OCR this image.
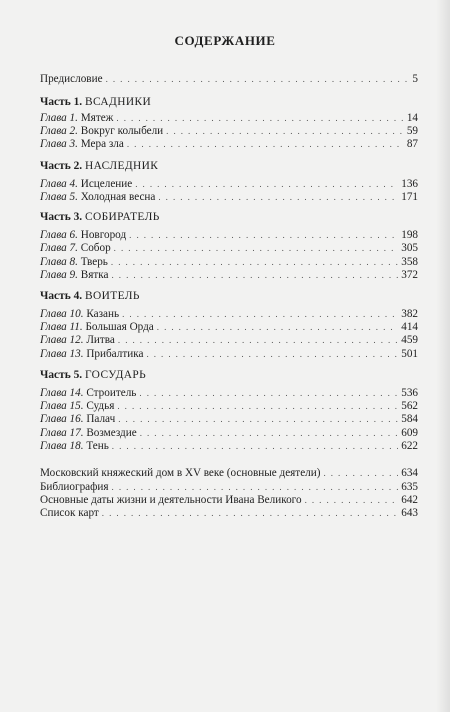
СОДЕРЖАНИЕ
Предисловие . . .	5
Часть 1. ВСАДНИКИ
Глава 1. Мятеж . . .	14
Глава 2. Вокруг колыбели . . .	59
Глава 3. Мера зла . . .	87
Часть 2. НАСЛЕДНИК
Глава 4. Исцеление . . .	136
Глава 5. Холодная весна . . .	171
Часть 3. СОБИРАТЕЛЬ
Глава 6. Новгород . . .	198
Глава 7. Собор . . .	305
Глава 8. Тверь . . .	358
Глава 9. Вятка . . .	372
Часть 4. ВОИТЕЛЬ
Глава 10. Казань . . .	382
Глава 11. Большая Орда . . .	414
Глава 12. Литва . . .	459
Глава 13. Прибалтика . . .	501
Часть 5. ГОСУДАРЬ
Глава 14. Строитель . . .	536
Глава 15. Судья . . .	562
Глава 16. Палач . . .	584
Глава 17. Возмездие . . .	609
Глава 18. Тень . . .	622
Московский княжеский дом в XV веке (основные деятели) . . .	634
Библиография . . .	635
Основные даты жизни и деятельности Ивана Великого . . .	642
Список карт . . .	643
